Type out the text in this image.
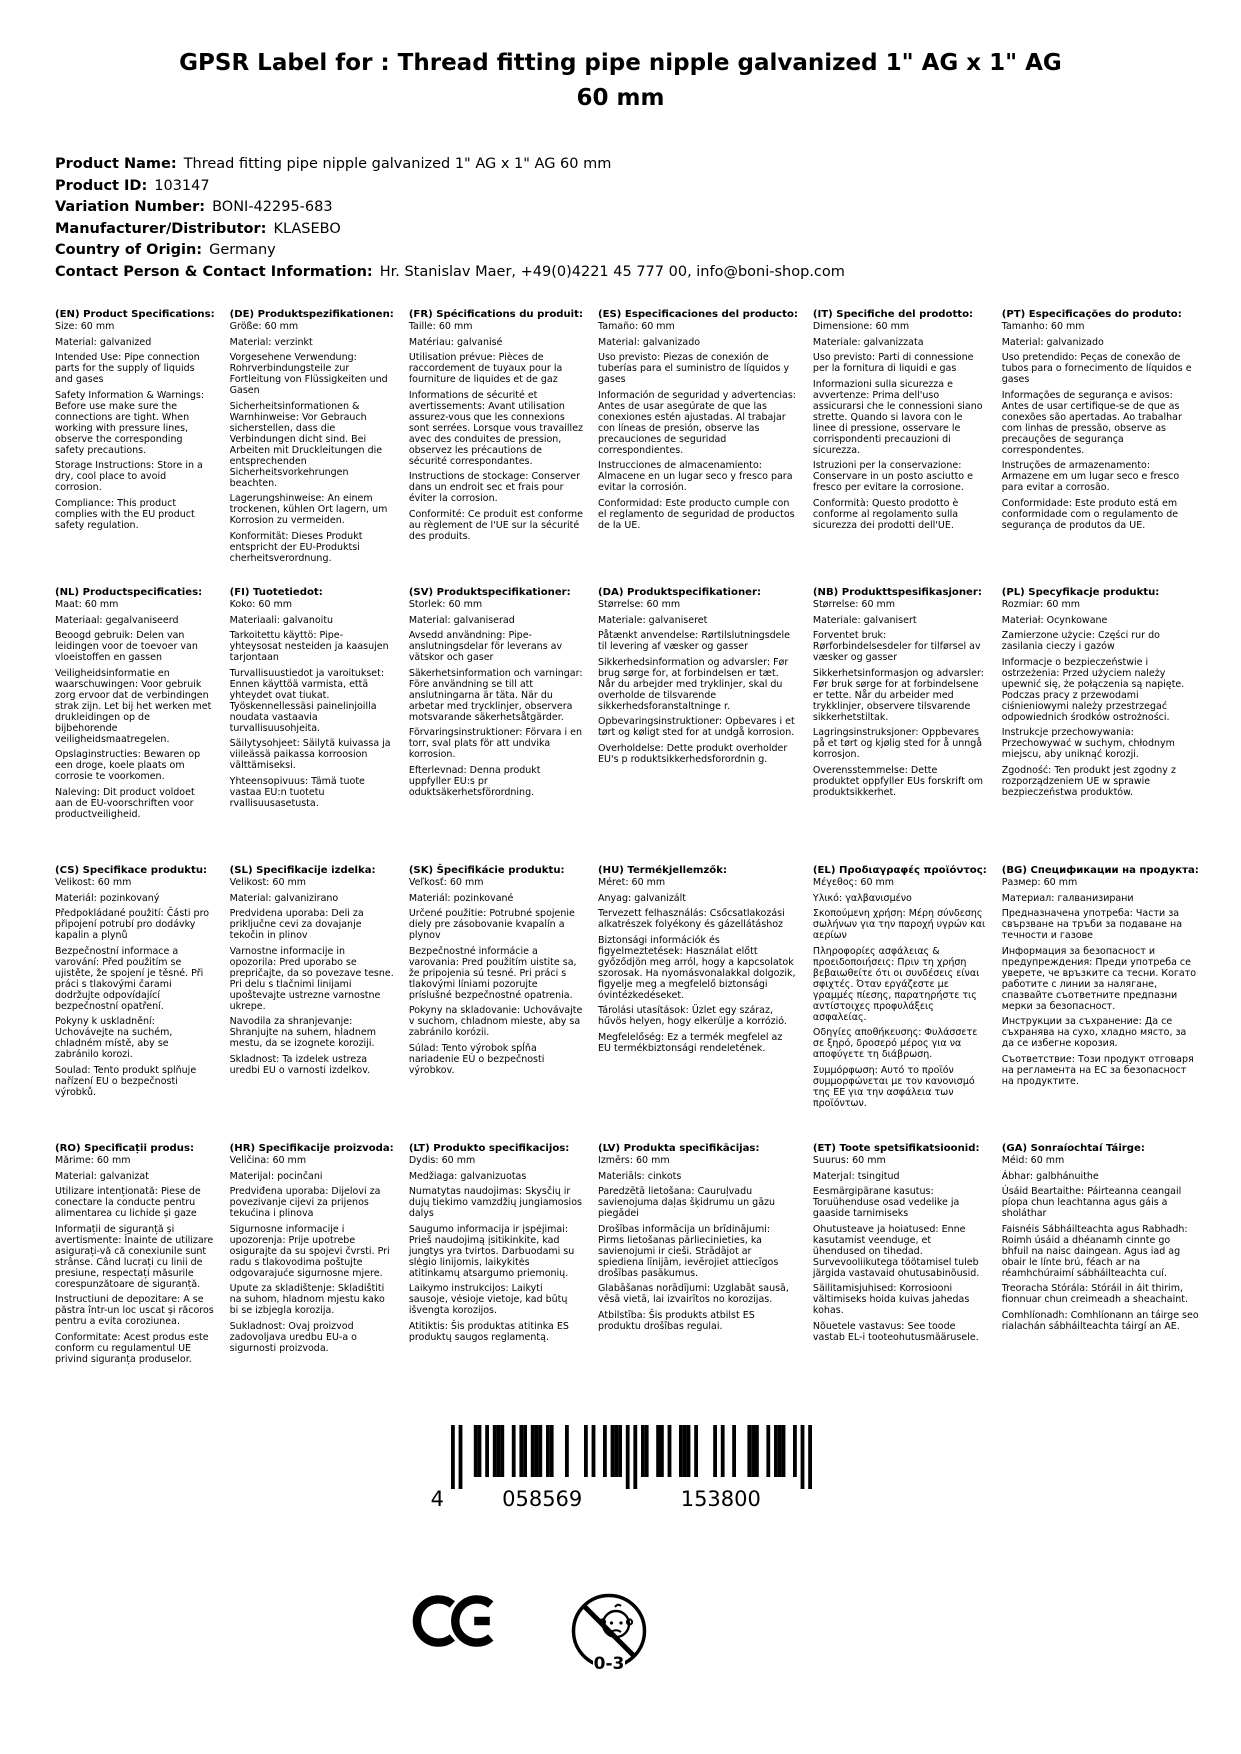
GPSR Label for : Thread fitting pipe nipple galvanized 1" AG x 1" AG 60 mm
Product Name: Thread fitting pipe nipple galvanized 1" AG x 1" AG 60 mm
Product ID: 103147
Variation Number: BONI-42295-683
Manufacturer/Distributor: KLASEBO
Country of Origin: Germany
Contact Person & Contact Information: Hr. Stanislav Maer, +49(0)4221 45 777 00, info@boni-shop.com
(EN) Product Specifications:

Size: 60 mm

Material: galvanized

Intended Use: Pipe connection parts for the supply of liquids and gases

Safety Information & Warnings: Before use make sure the connections are tight. When working with pressure lines, observe the corresponding safety precautions.

Storage Instructions: Store in a dry, cool place to avoid corrosion.

Compliance: This product complies with the EU product safety regulation.

(DE) Produktspezifikationen:

Größe: 60 mm

Material: verzinkt

Vorgesehene Verwendung: Rohrverbindungsteile zur Fortleitung von Flüssigkeiten und Gasen

Sicherheitsinformationen & Warnhinweise: Vor Gebrauch sicherstellen, dass die Verbindungen dicht sind. Bei Arbeiten mit Druckleitungen die entsprechenden Sicherheitsvorkehrungen beachten.

Lagerungshinweise: An einem trockenen, kühlen Ort lagern, um Korrosion zu vermeiden.

Konformität: Dieses Produkt entspricht der EU-Produktsi cherheitsverordnung.

(FR) Spécifications du produit:

Taille: 60 mm

Matériau: galvanisé

Utilisation prévue: Pièces de raccordement de tuyaux pour la fourniture de liquides et de gaz

Informations de sécurité et avertissements: Avant utilisation assurez-vous que les connexions sont serrées. Lorsque vous travaillez avec des conduites de pression, observez les précautions de sécurité correspondantes.

Instructions de stockage: Conserver dans un endroit sec et frais pour éviter la corrosion.

Conformité: Ce produit est conforme au règlement de l'UE sur la sécurité des produits.

(ES) Especificaciones del producto:

Tamaño: 60 mm

Material: galvanizado

Uso previsto: Piezas de conexión de tuberías para el suministro de líquidos y gases

Información de seguridad y advertencias: Antes de usar asegúrate de que las conexiones estén ajustadas. Al trabajar con líneas de presión, observe las precauciones de seguridad correspondientes.

Instrucciones de almacenamiento: Almacene en un lugar seco y fresco para evitar la corrosión.

Conformidad: Este producto cumple con el reglamento de seguridad de productos de la UE.

(IT) Specifiche del prodotto:

Dimensione: 60 mm

Materiale: galvanizzata

Uso previsto: Parti di connessione per la fornitura di liquidi e gas

Informazioni sulla sicurezza e avvertenze: Prima dell'uso assicurarsi che le connessioni siano strette. Quando si lavora con le linee di pressione, osservare le corrispondenti precauzioni di sicurezza.

Istruzioni per la conservazione: Conservare in un posto asciutto e fresco per evitare la corrosione.

Conformità: Questo prodotto è conforme al regolamento sulla sicurezza dei prodotti dell'UE.

(PT) Especificações do produto:

Tamanho: 60 mm

Material: galvanizado

Uso pretendido: Peças de conexão de tubos para o fornecimento de líquidos e gases

Informações de segurança e avisos: Antes de usar certifique-se de que as conexões são apertadas. Ao trabalhar com linhas de pressão, observe as precauções de segurança correspondentes.

Instruções de armazenamento: Armazene em um lugar seco e fresco para evitar a corrosão.

Conformidade: Este produto está em conformidade com o regulamento de segurança de produtos da UE.

(NL) Productspecificaties:

Maat: 60 mm

Materiaal: gegalvaniseerd

Beoogd gebruik: Delen van leidingen voor de toevoer van vloeistoffen en gassen

Veiligheidsinformatie en waarschuwingen: Voor gebruik zorg ervoor dat de verbindingen strak zijn. Let bij het werken met drukleidingen op de bijbehorende veiligheidsmaatregelen.

Opslaginstructies: Bewaren op een droge, koele plaats om corrosie te voorkomen.

Naleving: Dit product voldoet aan de EU-voorschriften voor productveiligheid.

(FI) Tuotetiedot:

Koko: 60 mm

Materiaali: galvanoitu

Tarkoitettu käyttö: Pipe-yhteysosat nesteiden ja kaasujen tarjontaan

Turvallisuustiedot ja varoitukset: Ennen käyttöä varmista, että yhteydet ovat tiukat. Työskennellessäsi painelinjoilla noudata vastaavia turvallisuusohjeita.

Säilytysohjeet: Säilytä kuivassa ja viileässä paikassa korroosion välttämiseksi.

Yhteensopivuus: Tämä tuote vastaa EU:n tuotetu rvallisuusasetusta.

(SV) Produktspecifikationer:

Storlek: 60 mm

Material: galvaniserad

Avsedd användning: Pipe-anslutningsdelar för leverans av vätskor och gaser

Säkerhetsinformation och varningar: Före användning se till att anslutningarna är täta. När du arbetar med trycklinjer, observera motsvarande säkerhetsåtgärder.

Förvaringsinstruktioner: Förvara i en torr, sval plats för att undvika korrosion.

Efterlevnad: Denna produkt uppfyller EU:s pr oduktsäkerhetsförordning.

(DA) Produktspecifikationer:

Størrelse: 60 mm

Materiale: galvaniseret

Påtænkt anvendelse: Rørtilslutningsdele til levering af væsker og gasser

Sikkerhedsinformation og advarsler: Før brug sørge for, at forbindelsen er tæt. Når du arbejder med tryklinjer, skal du overholde de tilsvarende sikkerhedsforanstaltninge r.

Opbevaringsinstruktioner: Opbevares i et tørt og køligt sted for at undgå korrosion.

Overholdelse: Dette produkt overholder EU's p roduktsikkerhedsforordnin g.

(NB) Produkttspesifikasjoner:

Størrelse: 60 mm

Materiale: galvanisert

Forventet bruk: Rørforbindelsesdeler for tilførsel av væsker og gasser

Sikkerhetsinformasjon og advarsler: Før bruk sørge for at forbindelsene er tette. Når du arbeider med trykklinjer, observere tilsvarende sikkerhetstiltak.

Lagringsinstruksjoner: Oppbevares på et tørt og kjølig sted for å unngå korrosjon.

Overensstemmelse: Dette produktet oppfyller EUs forskrift om produktsikkerhet.

(PL) Specyfikacje produktu:

Rozmiar: 60 mm

Materiał: Ocynkowane

Zamierzone użycie: Części rur do zasilania cieczy i gazów

Informacje o bezpieczeństwie i ostrzeżenia: Przed użyciem należy upewnić się, że połączenia są napięte. Podczas pracy z przewodami ciśnieniowymi należy przestrzegać odpowiednich środków ostrożności.

Instrukcje przechowywania: Przechowywać w suchym, chłodnym miejscu, aby uniknąć korozji.

Zgodność: Ten produkt jest zgodny z rozporządzeniem UE w sprawie bezpieczeństwa produktów.

(CS) Specifikace produktu:

Velikost: 60 mm

Materiál: pozinkovaný

Předpokládané použití: Části pro připojení potrubí pro dodávky kapalin a plynů

Bezpečnostní informace a varování: Před použitím se ujistěte, že spojení je těsné. Při práci s tlakovými čarami dodržujte odpovídající bezpečnostní opatření.

Pokyny k uskladnění: Uchovávejte na suchém, chladném místě, aby se zabránilo korozi.

Soulad: Tento produkt splňuje nařízení EU o bezpečnosti výrobků.

(SL) Specifikacije izdelka:

Velikost: 60 mm

Material: galvanizirano

Predvidena uporaba: Deli za priključne cevi za dovajanje tekočin in plinov

Varnostne informacije in opozorila: Pred uporabo se prepričajte, da so povezave tesne. Pri delu s tlačnimi linijami upoštevajte ustrezne varnostne ukrepe.

Navodila za shranjevanje: Shranjujte na suhem, hladnem mestu, da se izognete koroziji.

Skladnost: Ta izdelek ustreza uredbi EU o varnosti izdelkov.

(SK) Špecifikácie produktu:

Veľkosť: 60 mm

Materiál: pozinkované

Určené použitie: Potrubné spojenie diely pre zásobovanie kvapalín a plynov

Bezpečnostné informácie a varovania: Pred použitím uistite sa, že pripojenia sú tesné. Pri práci s tlakovými líniami pozorujte príslušné bezpečnostné opatrenia.

Pokyny na skladovanie: Uchovávajte v suchom, chladnom mieste, aby sa zabránilo korózii.

Súlad: Tento výrobok spĺňa nariadenie EÚ o bezpečnosti výrobkov.

(HU) Termékjellemzők:

Méret: 60 mm

Anyag: galvanizált

Tervezett felhasználás: Csőcsatlakozási alkatrészek folyékony és gázellátáshoz

Biztonsági információk és figyelmeztetések: Használat előtt győződjön meg arról, hogy a kapcsolatok szorosak. Ha nyomásvonalakkal dolgozik, figyelje meg a megfelelő biztonsági óvintézkedéseket.

Tárolási utasítások: Üzlet egy száraz, hűvös helyen, hogy elkerülje a korrózió.

Megfelelőség: Ez a termék megfelel az EU termékbiztonsági rendeletének.

(EL) Προδιαγραφές προϊόντος:

Μέγεθος: 60 mm

Υλικό: γαλβανισμένο

Σκοπούμενη χρήση: Μέρη σύνδεσης σωλήνων για την παροχή υγρών και αερίων

Πληροφορίες ασφάλειας & προειδοποιήσεις: Πριν τη χρήση βεβαιωθείτε ότι οι συνδέσεις είναι σφιχτές. Όταν εργάζεστε με γραμμές πίεσης, παρατηρήστε τις αντίστοιχες προφυλάξεις ασφαλείας.

Οδηγίες αποθήκευσης: Φυλάσσετε σε ξηρό, δροσερό μέρος για να αποφύγετε τη διάβρωση.

Συμμόρφωση: Αυτό το προϊόν συμμορφώνεται με τον κανονισμό της ΕΕ για την ασφάλεια των προϊόντων.

(BG) Спецификации на продукта:

Размер: 60 mm

Материал: галванизирани

Предназначена употреба: Части за свързване на тръби за подаване на течности и газове

Информация за безопасност и предупреждения: Преди употреба се уверете, че връзките са тесни. Когато работите с линии за налягане, спазвайте съответните предпазни мерки за безопасност.

Инструкции за съхранение: Да се съхранява на сухо, хладно място, за да се избегне корозия.

Съответствие: Този продукт отговаря на регламента на ЕС за безопасност на продуктите.

(RO) Specificații produs:

Mărime: 60 mm

Material: galvanizat

Utilizare intenționată: Piese de conectare la conducte pentru alimentarea cu lichide și gaze

Informații de siguranță și avertismente: Înainte de utilizare asigurați-vă că conexiunile sunt strânse. Când lucrați cu linii de presiune, respectați măsurile corespunzătoare de siguranță.

Instructiuni de depozitare: A se păstra într-un loc uscat și răcoros pentru a evita coroziunea.

Conformitate: Acest produs este conform cu regulamentul UE privind siguranța produselor.

(HR) Specifikacije proizvoda:

Veličina: 60 mm

Materijal: pocinčani

Predviđena uporaba: Dijelovi za povezivanje cijevi za prijenos tekućina i plinova

Sigurnosne informacije i upozorenja: Prije upotrebe osigurajte da su spojevi čvrsti. Pri radu s tlakovodima poštujte odgovarajuće sigurnosne mjere.

Upute za skladištenje: Skladištiti na suhom, hladnom mjestu kako bi se izbjegla korozija.

Sukladnost: Ovaj proizvod zadovoljava uredbu EU-a o sigurnosti proizvoda.

(LT) Produkto specifikacijos:

Dydis: 60 mm

Medžiaga: galvanizuotas

Numatytas naudojimas: Skysčių ir dujų tiekimo vamzdžių jungiamosios dalys

Saugumo informacija ir įspėjimai: Prieš naudojimą įsitikinkite, kad jungtys yra tvirtos. Darbuodami su slėgio linijomis, laikykitės atitinkamų atsargumo priemonių.

Laikymo instrukcijos: Laikyti sausoje, vėsioje vietoje, kad būtų išvengta korozijos.

Atitiktis: Šis produktas atitinka ES produktų saugos reglamentą.

(LV) Produkta specifikācijas:

Izmērs: 60 mm

Materiāls: cinkots

Paredzētā lietošana: Cauruļvadu savienojuma daļas šķidrumu un gāzu piegādei

Drošības informācija un brīdinājumi: Pirms lietošanas pārliecinieties, ka savienojumi ir cieši. Strādājot ar spiediena līnijām, ievērojiet attiecīgos drošības pasākumus.

Glabāšanas norādījumi: Uzglabāt sausā, vēsā vietā, lai izvairītos no korozijas.

Atbilstība: Šis produkts atbilst ES produktu drošības regulai.

(ET) Toote spetsifikatsioonid:

Suurus: 60 mm

Materjal: tsingitud

Eesmärgipärane kasutus: Toruühenduse osad vedelike ja gaaside tarnimiseks

Ohutusteave ja hoiatused: Enne kasutamist veenduge, et ühendused on tihedad. Survevooliikutega töötamisel tuleb järgida vastavaid ohutusabinõusid.

Säilitamisjuhised: Korrosiooni vältimiseks hoida kuivas jahedas kohas.

Nõuetele vastavus: See toode vastab EL-i tooteohutusmäärusele.

(GA) Sonraíochtaí Táirge:

Méid: 60 mm

Ábhar: galbhánuithe

Úsáid Beartaithe: Páirteanna ceangail píopa chun leachtanna agus gáis a sholáthar

Faisnéis Sábháilteachta agus Rabhadh: Roimh úsáid a dhéanamh cinnte go bhfuil na naisc daingean. Agus iad ag obair le línte brú, féach ar na réamhchúraimí sábháilteachta cuí.

Treoracha Stórála: Stóráil in áit thirim, fionnuar chun creimeadh a sheachaint.

Comhlíonadh: Comhlíonann an táirge seo rialachán sábháilteachta táirgí an AE.

4	058569	153800
0-3
